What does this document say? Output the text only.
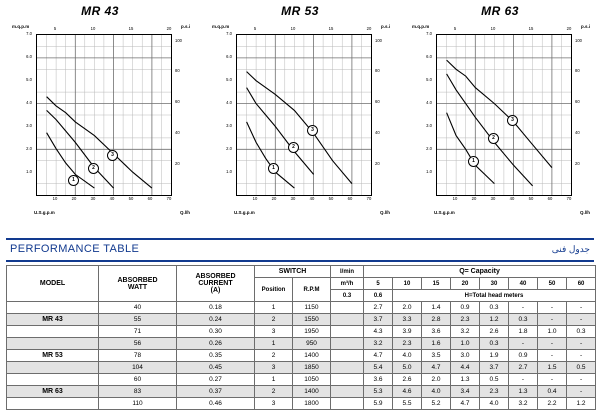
MR 43
m.q.p.m	p.s.i
Q.l/h
U.S.g.p.m
3
2
1
7.0
6.0
5.0
4.0
3.0
2.0
1.0
100
80
60
40
20
10	20	30	40	50	60	70
5	10	15	20
MR 53
m.q.p.m	p.s.i
Q.l/h
U.S.g.p.m
3
2
1
7.0
6.0
5.0
4.0
3.0
2.0
1.0
100
80
60
40
20
10	20	30	40	50	60	70
5	10	15	20
MR 63
m.q.p.m	p.s.i
Q.l/h
U.S.g.p.m
3
2
1
7.0
6.0
5.0
4.0
3.0
2.0
1.0
100
80
60
40
20
10	20	30	40	50	60	70
5	10	15	20
PERFORMANCE TABLE	جدول فنی
MODEL	ABSORBED
WATT

ABSORBED
CURRENT
(A)
	SWITCH	l/min	Q= Capacity
			Position	R.P.M	m³/h	5	10	15	20	30	40	50	60
					0.3	0.6	H=Total head meters						
	40	0.18	1	1150		2.7	2.0	1.4	0.9	0.3	-	-	-
MR 43	55	0.24	2	1550		3.7	3.3	2.8	2.3	1.2	0.3	-	-
	71	0.30	3	1950		4.3	3.9	3.6	3.2	2.6	1.8	1.0	0.3
	56	0.26	1	950		3.2	2.3	1.6	1.0	0.3	-	-	-
MR 53	78	0.35	2	1400		4.7	4.0	3.5	3.0	1.9	0.9	-	-
	104	0.45	3	1850		5.4	5.0	4.7	4.4	3.7	2.7	1.5	0.5
	60	0.27	1	1050		3.6	2.6	2.0	1.3	0.5	-	-	-
MR 63	83	0.37	2	1400		5.3	4.6	4.0	3.4	2.3	1.3	0.4	-
	110	0.46	3	1800		5.9	5.5	5.2	4.7	4.0	3.2	2.2	1.2
